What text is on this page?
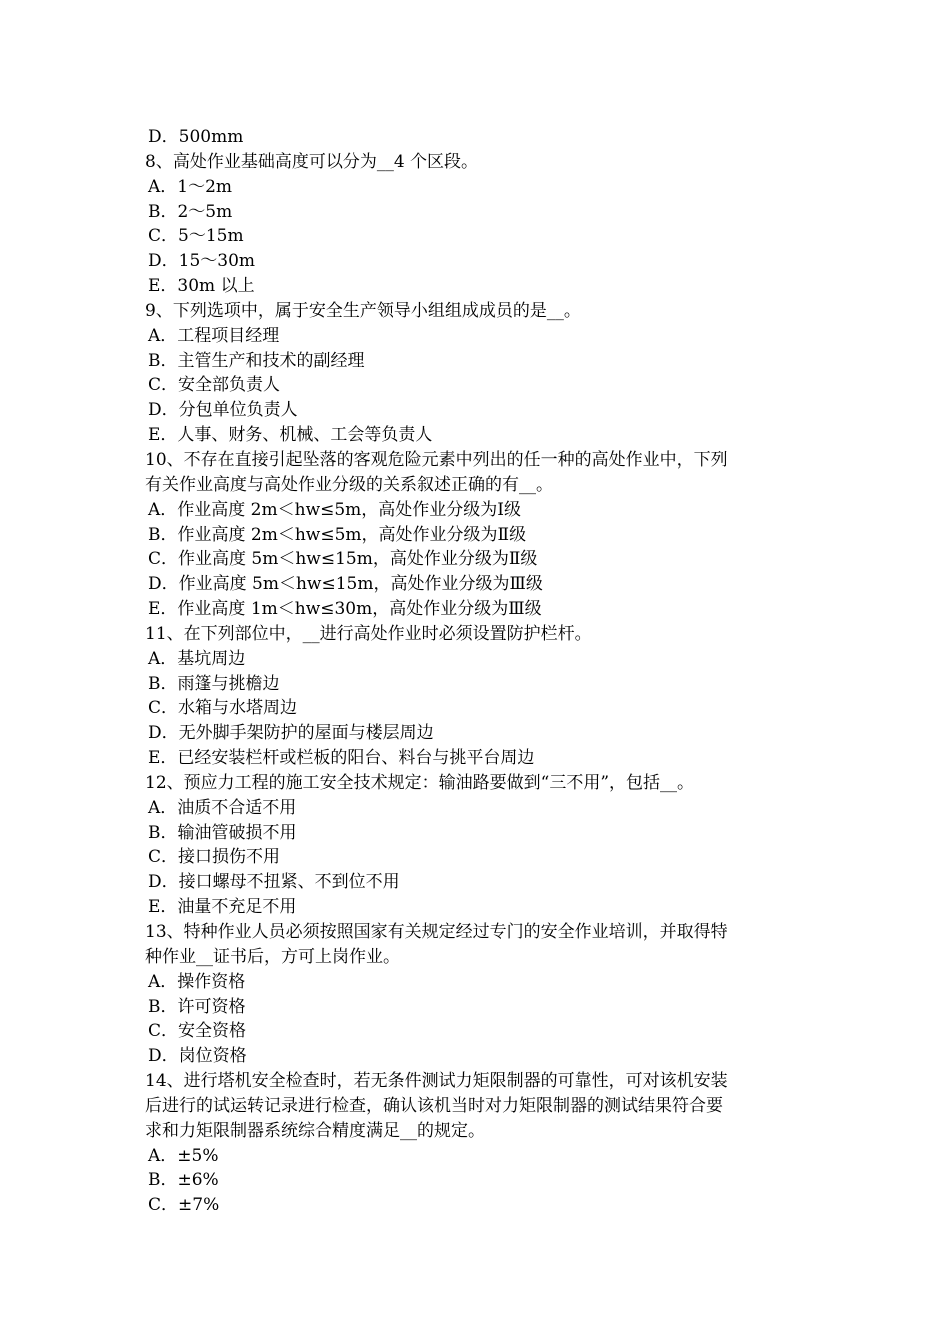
D．500mm
8、高处作业基础高度可以分为__4 个区段。
A．1～2m
B．2～5m
C．5～15m
D．15～30m
E．30m 以上
9、下列选项中，属于安全生产领导小组组成成员的是__。
A．工程项目经理
B．主管生产和技术的副经理
C．安全部负责人
D．分包单位负责人
E．人事、财务、机械、工会等负责人
10、不存在直接引起坠落的客观危险元素中列出的任一种的高处作业中，下列
有关作业高度与高处作业分级的关系叙述正确的有__。
A．作业高度 2m＜hw≤5m，高处作业分级为Ⅰ级
B．作业高度 2m＜hw≤5m，高处作业分级为Ⅱ级
C．作业高度 5m＜hw≤15m，高处作业分级为Ⅱ级
D．作业高度 5m＜hw≤15m，高处作业分级为Ⅲ级
E．作业高度 1m＜hw≤30m，高处作业分级为Ⅲ级
11、在下列部位中，__进行高处作业时必须设置防护栏杆。
A．基坑周边
B．雨篷与挑檐边
C．水箱与水塔周边
D．无外脚手架防护的屋面与楼层周边
E．已经安装栏杆或栏板的阳台、料台与挑平台周边
12、预应力工程的施工安全技术规定：输油路要做到“三不用”，包括__。
A．油质不合适不用
B．输油管破损不用
C．接口损伤不用
D．接口螺母不扭紧、不到位不用
E．油量不充足不用
13、特种作业人员必须按照国家有关规定经过专门的安全作业培训，并取得特
种作业__证书后，方可上岗作业。
A．操作资格
B．许可资格
C．安全资格
D．岗位资格
14、进行塔机安全检查时，若无条件测试力矩限制器的可靠性，可对该机安装
后进行的试运转记录进行检查，确认该机当时对力矩限制器的测试结果符合要
求和力矩限制器系统综合精度满足__的规定。
A．±5%
B．±6%
C．±7%
